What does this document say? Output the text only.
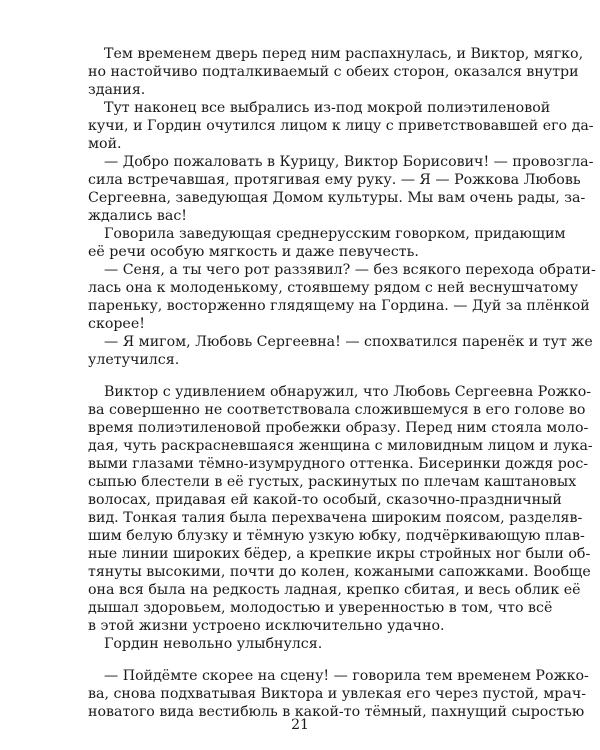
Тем временем дверь перед ним распахнулась, и Виктор, мягко,
но настойчиво подталкиваемый с обеих сторон, оказался внутри
здания.
Тут наконец все выбрались из-под мокрой полиэтиленовой
кучи, и Гордин очутился лицом к лицу с приветствовавшей его да-
мой.
— Добро пожаловать в Курицу, Виктор Борисович! — провозгла-
сила встречавшая, протягивая ему руку. — Я — Рожкова Любовь
Сергеевна, заведующая Домом культуры. Мы вам очень рады, за-
ждались вас!
Говорила заведующая среднерусским говорком, придающим
её речи особую мягкость и даже певучесть.
— Сеня, а ты чего рот раззявил? — без всякого перехода обрати-
лась она к молоденькому, стоявшему рядом с ней веснушчатому
пареньку, восторженно глядящему на Гордина. — Дуй за плёнкой
скорее!
— Я мигом, Любовь Сергеевна! — спохватился паренёк и тут же
улетучился.
Виктор с удивлением обнаружил, что Любовь Сергеевна Рожко-
ва совершенно не соответствовала сложившемуся в его голове во
время полиэтиленовой пробежки образу. Перед ним стояла моло-
дая, чуть раскрасневшаяся женщина с миловидным лицом и лука-
выми глазами тёмно-изумрудного оттенка. Бисеринки дождя рос-
сыпью блестели в её густых, раскинутых по плечам каштановых
волосах, придавая ей какой-то особый, сказочно-праздничный
вид. Тонкая талия была перехвачена широким поясом, разделяв-
шим белую блузку и тёмную узкую юбку, подчёркивающую плав-
ные линии широких бёдер, а крепкие икры стройных ног были об-
тянуты высокими, почти до колен, кожаными сапожками. Вообще
она вся была на редкость ладная, крепко сбитая, и весь облик её
дышал здоровьем, молодостью и уверенностью в том, что всё
в этой жизни устроено исключительно удачно.
Гордин невольно улыбнулся.
— Пойдёмте скорее на сцену! — говорила тем временем Рожко-
ва, снова подхватывая Виктора и увлекая его через пустой, мрач-
новатого вида вестибюль в какой-то тёмный, пахнущий сыростью
21
